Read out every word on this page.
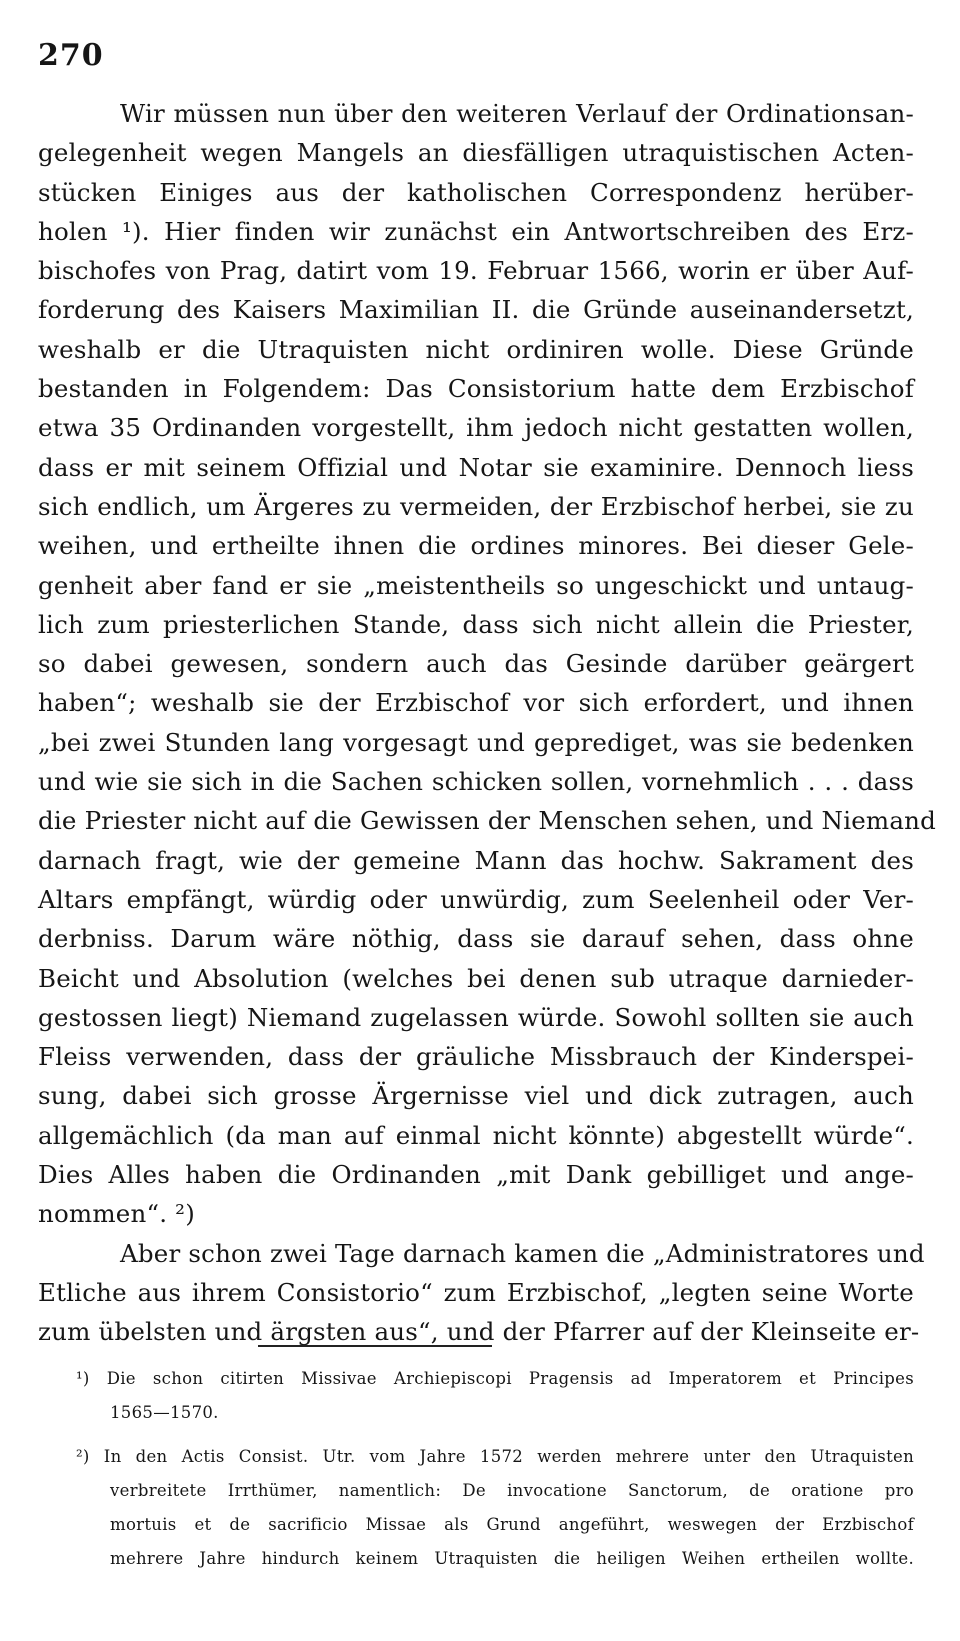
270
Wir müssen nun über den weiteren Verlauf der Ordinationsan-
gelegenheit wegen Mangels an diesfälligen utraquistischen Acten-
stücken Einiges aus der katholischen Correspondenz herüber-
holen ¹). Hier finden wir zunächst ein Antwortschreiben des Erz-
bischofes von Prag, datirt vom 19. Februar 1566, worin er über Auf-
forderung des Kaisers Maximilian II. die Gründe auseinandersetzt,
weshalb er die Utraquisten nicht ordiniren wolle. Diese Gründe
bestanden in Folgendem: Das Consistorium hatte dem Erzbischof
etwa 35 Ordinanden vorgestellt, ihm jedoch nicht gestatten wollen,
dass er mit seinem Offizial und Notar sie examinire. Dennoch liess
sich endlich, um Ärgeres zu vermeiden, der Erzbischof herbei, sie zu
weihen, und ertheilte ihnen die ordines minores. Bei dieser Gele-
genheit aber fand er sie „meistentheils so ungeschickt und untaug-
lich zum priesterlichen Stande, dass sich nicht allein die Priester,
so dabei gewesen, sondern auch das Gesinde darüber geärgert
haben“; weshalb sie der Erzbischof vor sich erfordert, und ihnen
„bei zwei Stunden lang vorgesagt und geprediget, was sie bedenken
und wie sie sich in die Sachen schicken sollen, vornehmlich . . . dass
die Priester nicht auf die Gewissen der Menschen sehen, und Niemand
darnach fragt, wie der gemeine Mann das hochw. Sakrament des
Altars empfängt, würdig oder unwürdig, zum Seelenheil oder Ver-
derbniss. Darum wäre nöthig, dass sie darauf sehen, dass ohne
Beicht und Absolution (welches bei denen sub utraque darnieder-
gestossen liegt) Niemand zugelassen würde. Sowohl sollten sie auch
Fleiss verwenden, dass der gräuliche Missbrauch der Kinderspei-
sung, dabei sich grosse Ärgernisse viel und dick zutragen, auch
allgemächlich (da man auf einmal nicht könnte) abgestellt würde“.
Dies Alles haben die Ordinanden „mit Dank gebilliget und ange-
nommen“. ²)
Aber schon zwei Tage darnach kamen die „Administratores und
Etliche aus ihrem Consistorio“ zum Erzbischof, „legten seine Worte
zum übelsten und ärgsten aus“, und der Pfarrer auf der Kleinseite er-
¹) Die schon citirten Missivae Archiepiscopi Pragensis ad Imperatorem et Principes
1565—1570.
²) In den Actis Consist. Utr. vom Jahre 1572 werden mehrere unter den Utraquisten
verbreitete Irrthümer, namentlich: De invocatione Sanctorum, de oratione pro
mortuis et de sacrificio Missae als Grund angeführt, weswegen der Erzbischof
mehrere Jahre hindurch keinem Utraquisten die heiligen Weihen ertheilen wollte.
